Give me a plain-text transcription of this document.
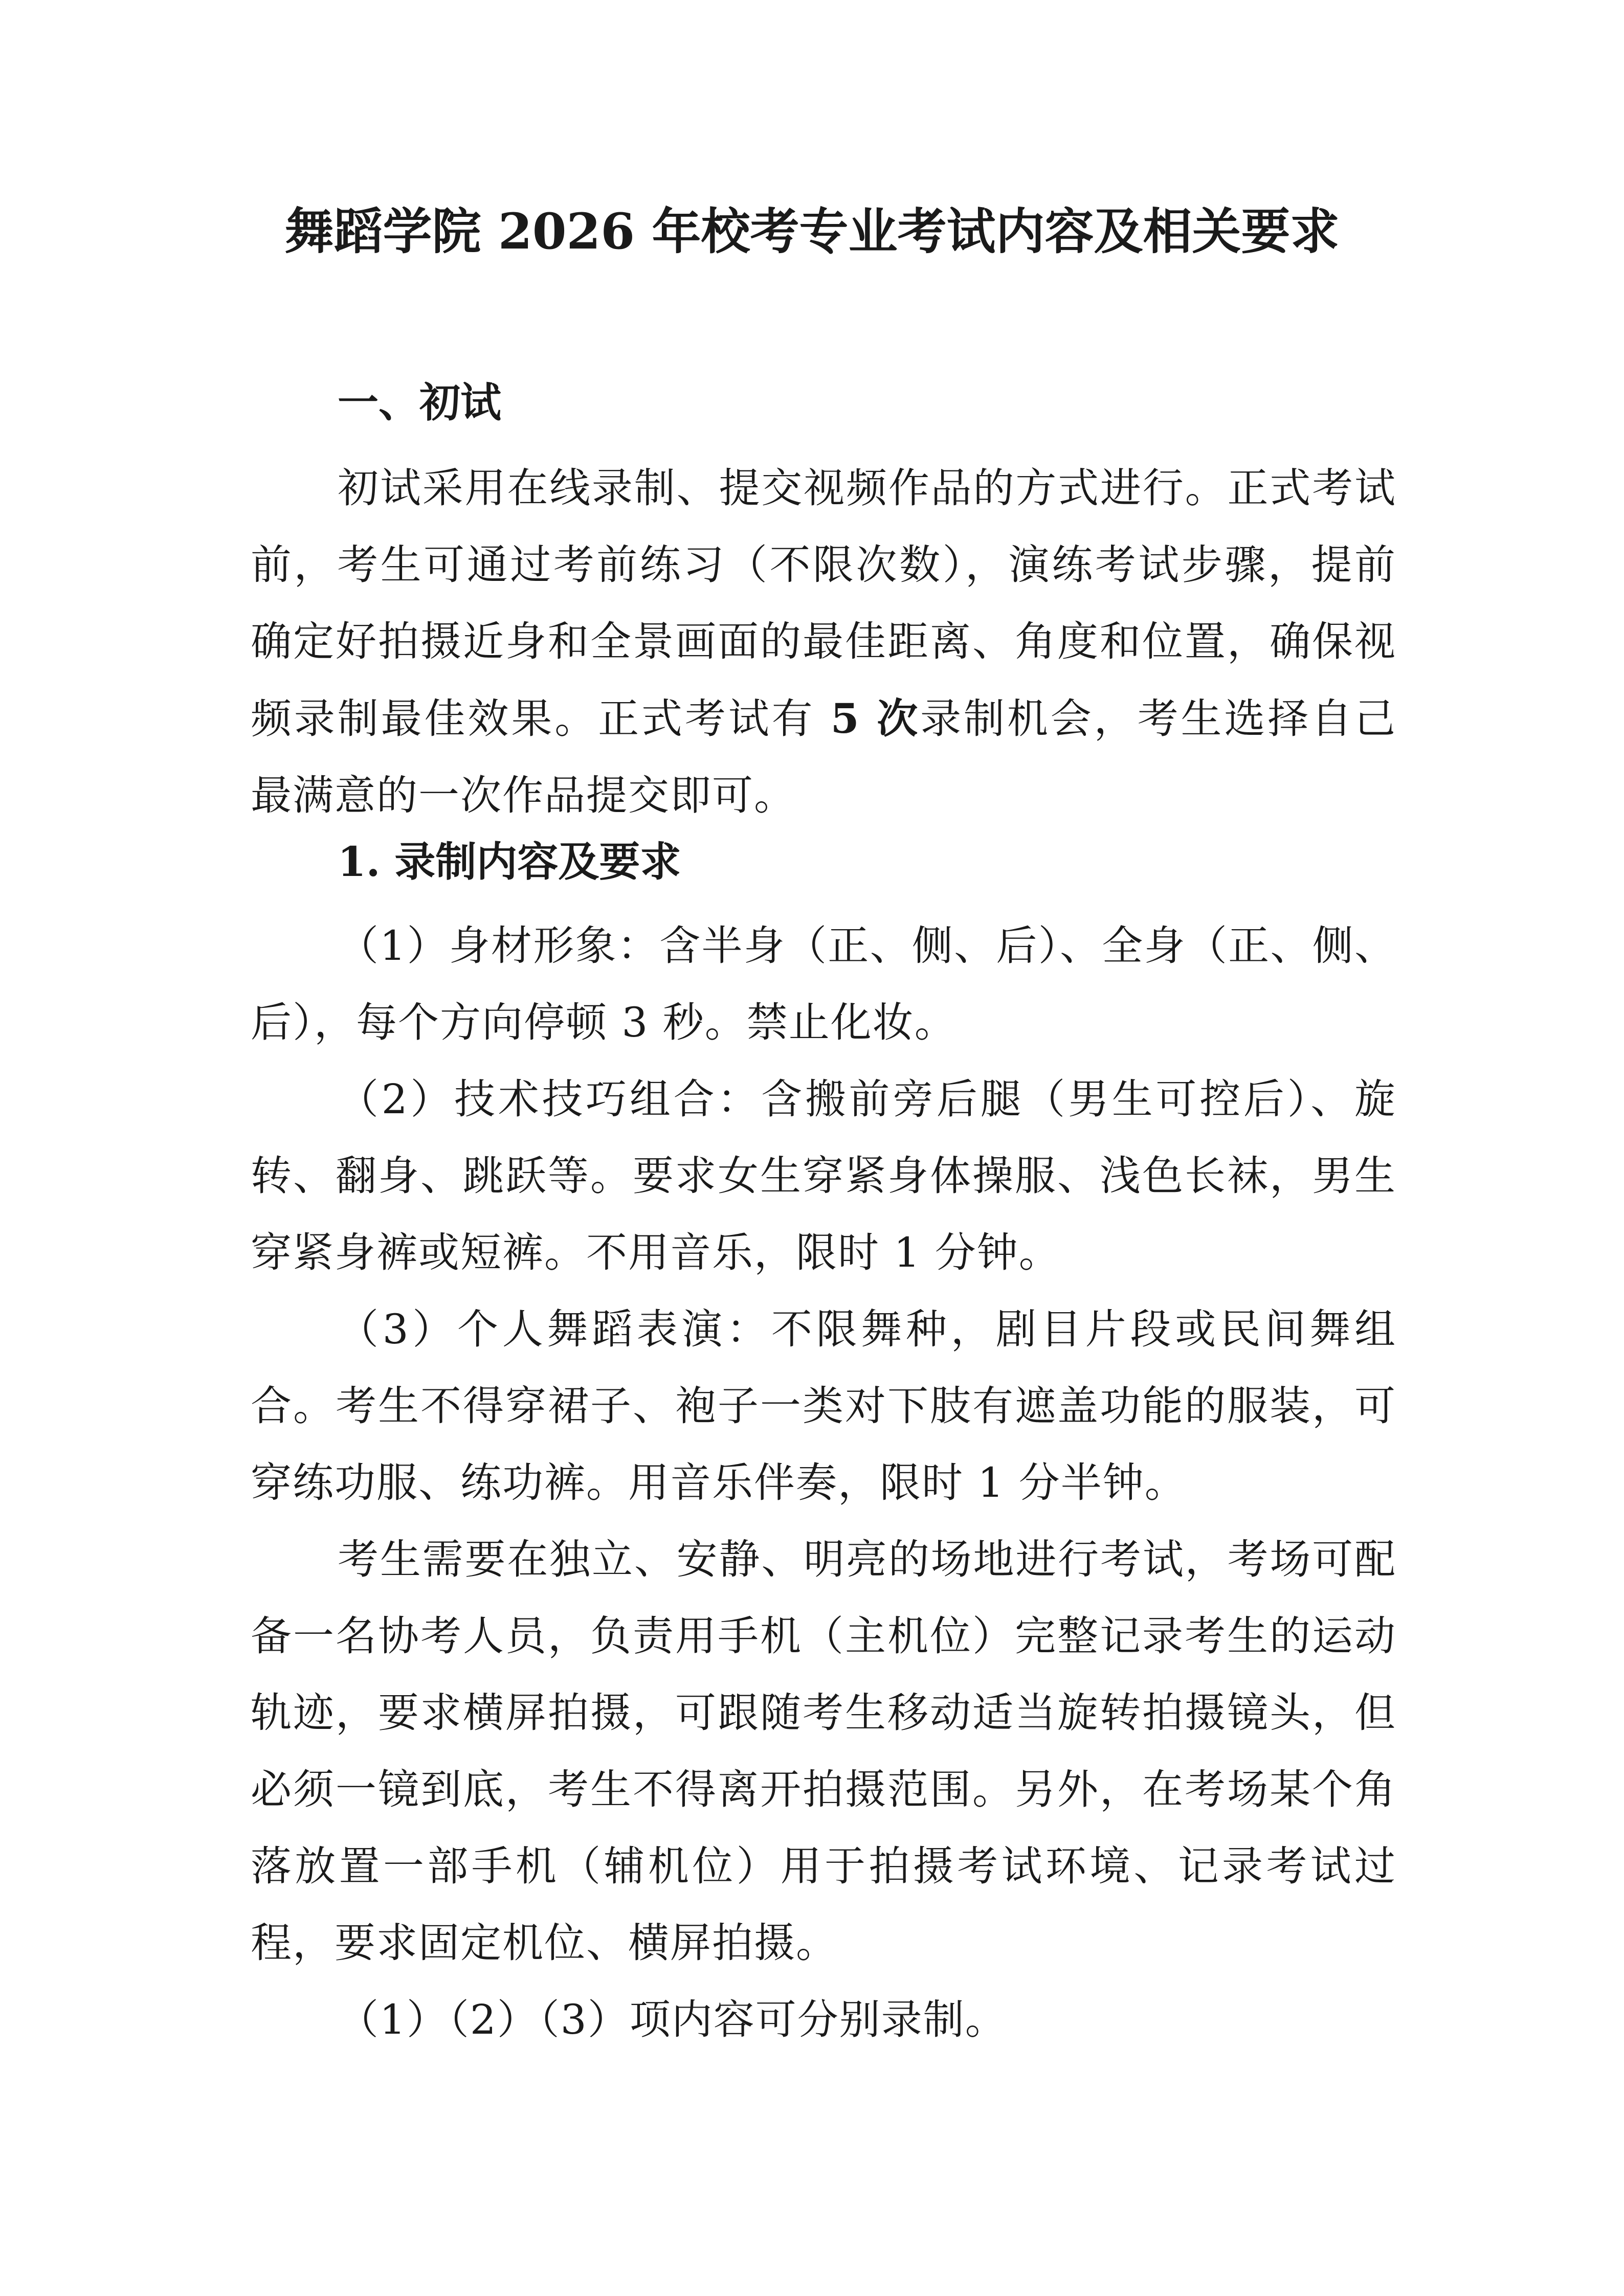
舞蹈学院 2026 年校考专业考试内容及相关要求
一、初试

初试采用在线录制、提交视频作品的方式进行。正式考试前，考生可通过考前练习（不限次数），演练考试步骤，提前确定好拍摄近身和全景画面的最佳距离、角度和位置，确保视频录制最佳效果。正式考试有 5 次录制机会，考生选择自己最满意的一次作品提交即可。

1. 录制内容及要求

（1）身材形象：含半身（正、侧、后）、全身（正、侧、后），每个方向停顿 3 秒。禁止化妆。

（2）技术技巧组合：含搬前旁后腿（男生可控后）、旋转、翻身、跳跃等。要求女生穿紧身体操服、浅色长袜，男生穿紧身裤或短裤。不用音乐，限时 1 分钟。

（3）个人舞蹈表演：不限舞种，剧目片段或民间舞组合。考生不得穿裙子、袍子一类对下肢有遮盖功能的服装，可穿练功服、练功裤。用音乐伴奏，限时 1 分半钟。

考生需要在独立、安静、明亮的场地进行考试，考场可配备一名协考人员，负责用手机（主机位）完整记录考生的运动轨迹，要求横屏拍摄，可跟随考生移动适当旋转拍摄镜头，但必须一镜到底，考生不得离开拍摄范围。另外，在考场某个角落放置一部手机（辅机位）用于拍摄考试环境、记录考试过程，要求固定机位、横屏拍摄。

（1）（2）（3）项内容可分别录制。
